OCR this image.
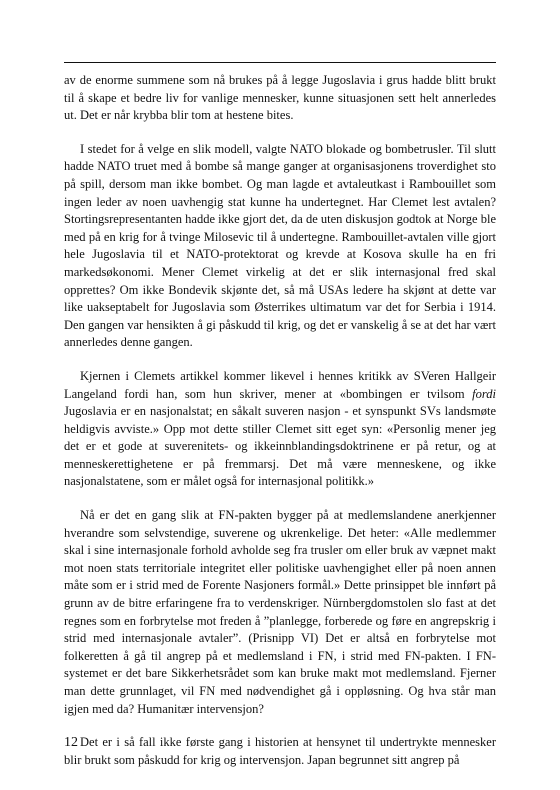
av de enorme summene som nå brukes på å legge Jugoslavia i grus hadde blitt brukt til å skape et bedre liv for vanlige mennesker, kunne situasjonen sett helt annerledes ut. Det er når krybba blir tom at hestene bites.

I stedet for å velge en slik modell, valgte NATO blokade og bombetrusler. Til slutt hadde NATO truet med å bombe så mange ganger at organisasjonens troverdighet sto på spill, dersom man ikke bombet. Og man lagde et avtaleutkast i Rambouillet som ingen leder av noen uavhengig stat kunne ha undertegnet. Har Clemet lest avtalen? Stortingsrepresentanten hadde ikke gjort det, da de uten diskusjon godtok at Norge ble med på en krig for å tvinge Milosevic til å undertegne. Rambouillet-avtalen ville gjort hele Jugoslavia til et NATO-protektorat og krevde at Kosova skulle ha en fri markedsøkonomi. Mener Clemet virkelig at det er slik internasjonal fred skal opprettes? Om ikke Bondevik skjønte det, så må USAs ledere ha skjønt at dette var like uakseptabelt for Jugoslavia som Østerrikes ultimatum var det for Serbia i 1914. Den gangen var hensikten å gi påskudd til krig, og det er vanskelig å se at det har vært annerledes denne gangen.

Kjernen i Clemets artikkel kommer likevel i hennes kritikk av SVeren Hallgeir Langeland fordi han, som hun skriver, mener at «bombingen er tvilsom fordi Jugoslavia er en nasjonalstat; en såkalt suveren nasjon - et synspunkt SVs landsmøte heldigvis avviste.» Opp mot dette stiller Clemet sitt eget syn: «Personlig mener jeg det er et gode at suverenitets- og ikkeinnblandingsdoktrinene er på retur, og at menneskerettighetene er på fremmarsj. Det må være menneskene, og ikke nasjonalstatene, som er målet også for internasjonal politikk.»

Nå er det en gang slik at FN-pakten bygger på at medlemslandene anerkjenner hverandre som selvstendige, suverene og ukrenkelige. Det heter: «Alle medlemmer skal i sine internasjonale forhold avholde seg fra trusler om eller bruk av væpnet makt mot noen stats territoriale integritet eller politiske uavhengighet eller på noen annen måte som er i strid med de Forente Nasjoners formål.» Dette prinsippet ble innført på grunn av de bitre erfaringene fra to verdenskriger. Nürnbergdomstolen slo fast at det regnes som en forbrytelse mot freden å ”planlegge, forberede og føre en angrepskrig i strid med internasjonale avtaler”. (Prisnipp VI) Det er altså en forbrytelse mot folkeretten å gå til angrep på et medlemsland i FN, i strid med FN-pakten. I FN-systemet er det bare Sikkerhetsrådet som kan bruke makt mot medlemsland. Fjerner man dette grunnlaget, vil FN med nødvendighet gå i oppløsning. Og hva står man igjen med da? Humanitær intervensjon?

Det er i så fall ikke første gang i historien at hensynet til undertrykte mennesker blir brukt som påskudd for krig og intervensjon. Japan begrunnet sitt angrep på

12
